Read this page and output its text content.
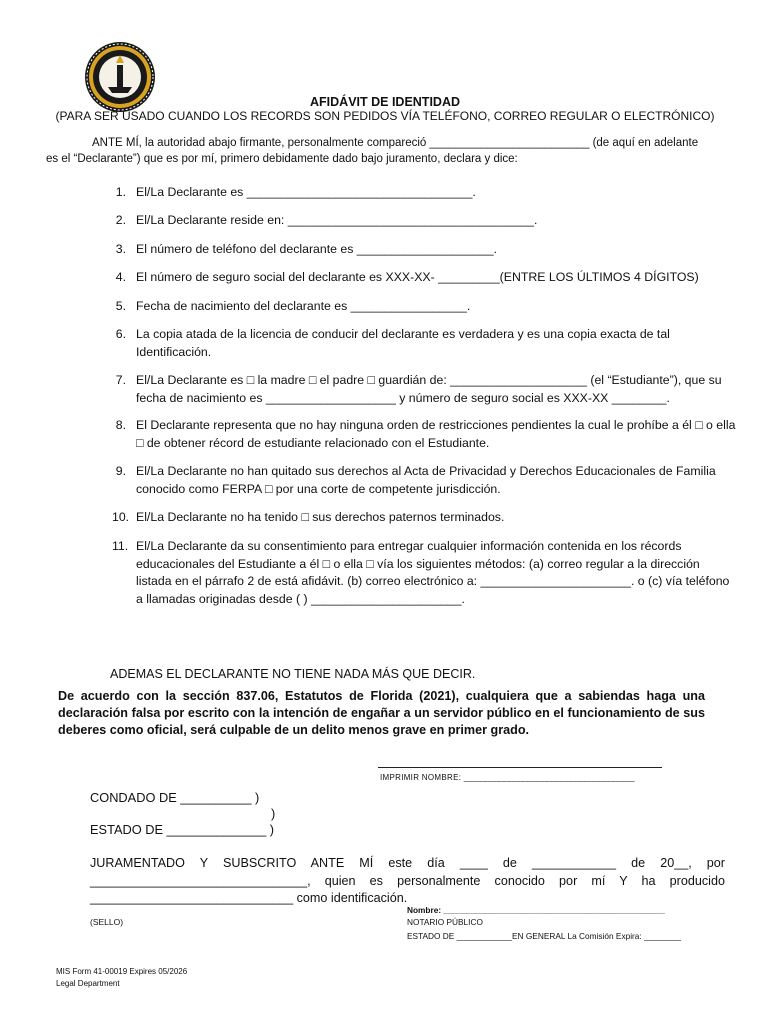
AFIDÁVIT DE IDENTIDAD
(PARA SER USADO CUANDO LOS RECORDS SON PEDIDOS VÍA TELÉFONO, CORREO REGULAR O ELECTRÓNICO)
ANTE MÍ, la autoridad abajo firmante, personalmente compareció _________________________ (de aquí en adelante
es el “Declarante”) que es por mí, primero debidamente dado bajo juramento, declara y dice:
1. El/La Declarante es _________________________________.
2. El/La Declarante reside en: ____________________________________.
3. El número de teléfono del declarante es ____________________.
4. El número de seguro social del declarante es XXX-XX- _________(ENTRE LOS ÚLTIMOS 4 DÍGITOS)
5. Fecha de nacimiento del declarante es _________________.
6. La copia atada de la licencia de conducir del declarante es verdadera y es una copia exacta de tal Identificación.
7. El/La Declarante es □ la madre □ el padre □ guardián de: ____________________ (el “Estudiante”), que su fecha de nacimiento es ___________________ y número de seguro social es XXX-XX ________.
8. El Declarante representa que no hay ninguna orden de restricciones pendientes la cual le prohíbe a él □ o ella □ de obtener récord de estudiante relacionado con el Estudiante.
9. El/La Declarante no han quitado sus derechos al Acta de Privacidad y Derechos Educacionales de Familia conocido como FERPA □ por una corte de competente jurisdicción.
10. El/La Declarante no ha tenido □ sus derechos paternos terminados.
11. El/La Declarante da su consentimiento para entregar cualquier información contenida en los récords educacionales del Estudiante a él □ o ella □ vía los siguientes métodos: (a) correo regular a la dirección listada en el párrafo 2 de está afidávit. (b) correo electrónico a: ______________________. o (c) vía teléfono a llamadas originadas desde ( ) ______________________.
ADEMAS EL DECLARANTE NO TIENE NADA MÁS QUE DECIR.
De acuerdo con la sección 837.06, Estatutos de Florida (2021), cualquiera que a sabiendas haga una declaración falsa por escrito con la intención de engañar a un servidor público en el funcionamiento de sus deberes como oficial, será culpable de un delito menos grave en primer grado.
IMPRIMIR NOMBRE: ____________________________________
CONDADO DE __________ )
)
ESTADO DE ______________ )
JURAMENTADO Y SUBSCRITO ANTE MÍ este día ____ de ____________ de 20__, por _______________________________, quien es personalmente conocido por mí Y ha producido _____________________________ como identificación.
(SELLO)
Nombre: ________________________________________________
NOTARIO PÚBLICO
ESTADO DE ____________EN GENERAL La Comisión Expira: ________
MIS Form 41-00019 Expires 05/2026
Legal Department
